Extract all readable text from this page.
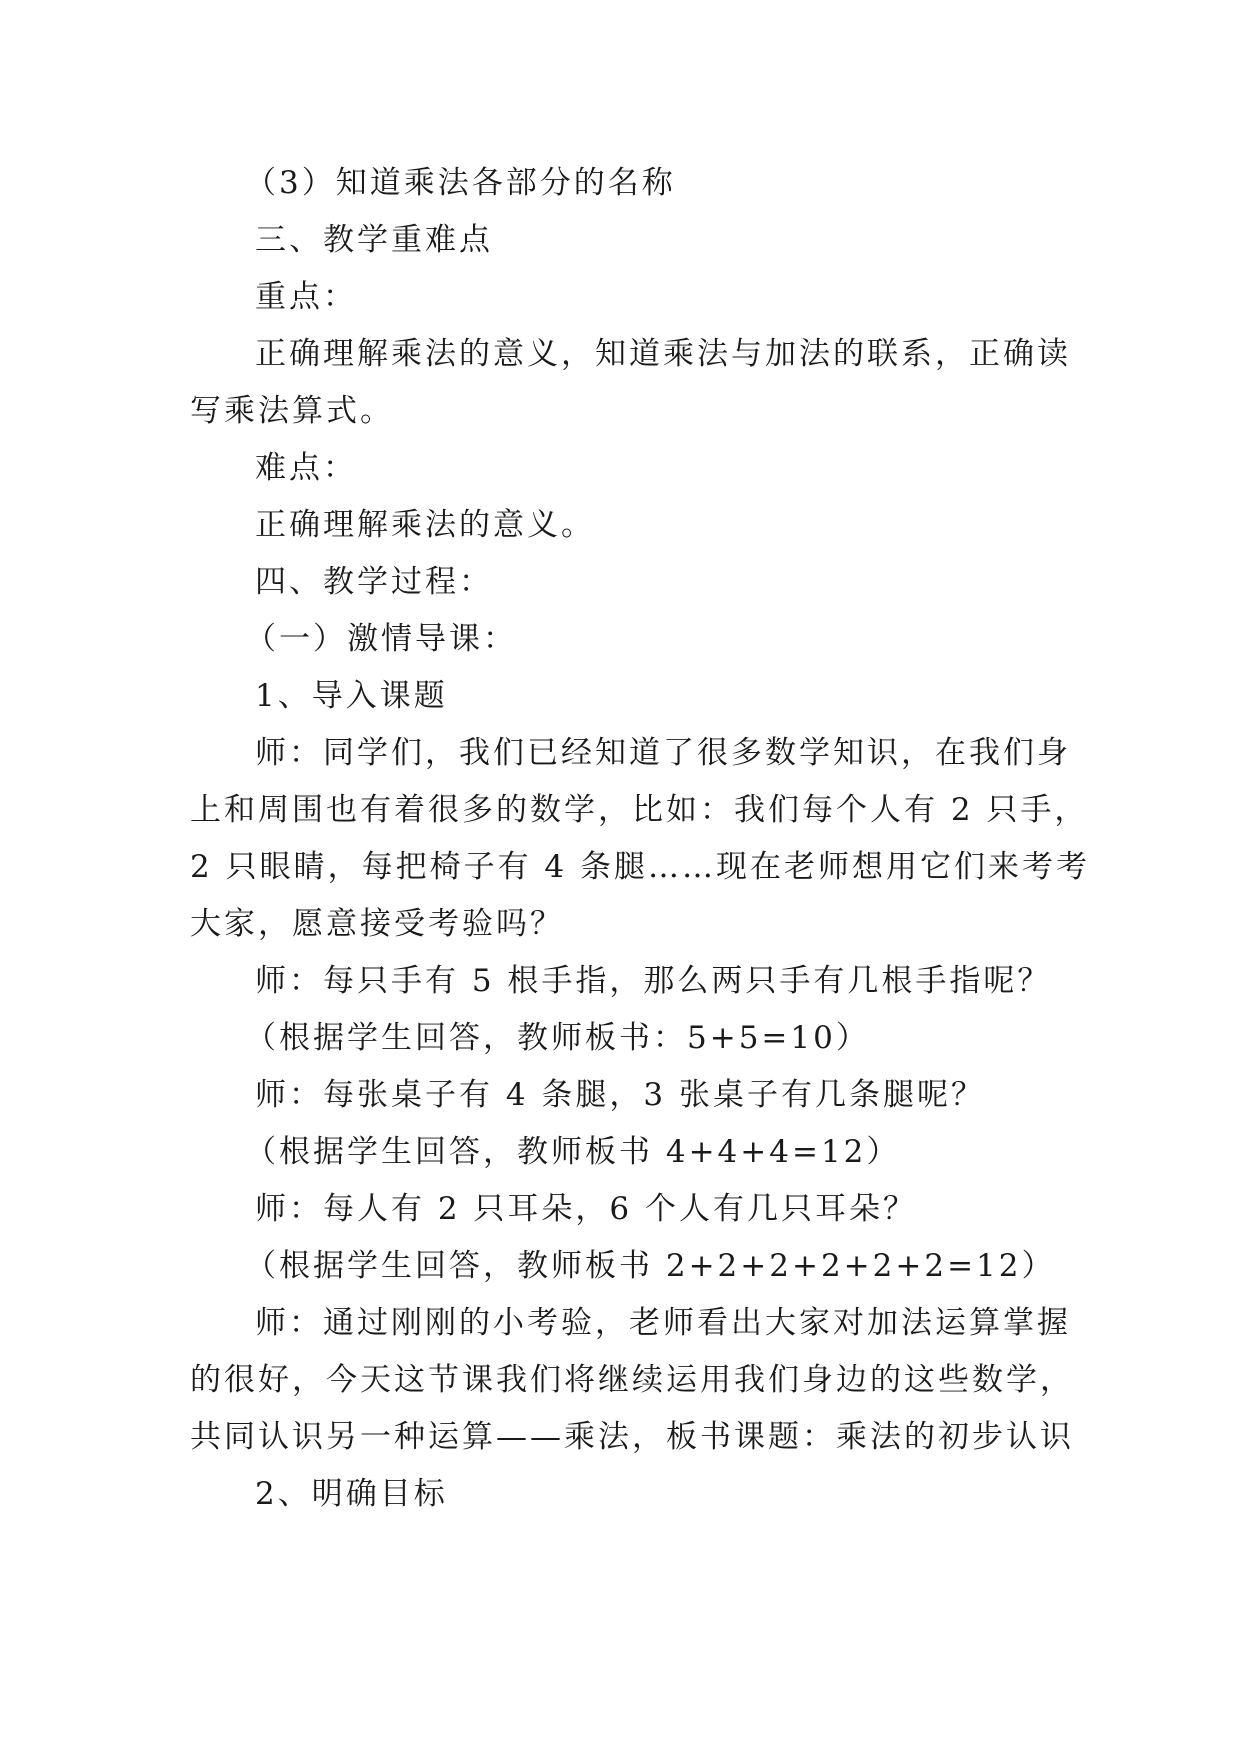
（3）知道乘法各部分的名称
三、教学重难点
重点：
正确理解乘法的意义，知道乘法与加法的联系，正确读
写乘法算式。
难点：
正确理解乘法的意义。
四、教学过程：
（一）激情导课：
1、导入课题
师：同学们，我们已经知道了很多数学知识，在我们身
上和周围也有着很多的数学，比如：我们每个人有 2 只手，
2 只眼睛，每把椅子有 4 条腿……现在老师想用它们来考考
大家，愿意接受考验吗？
师：每只手有 5 根手指，那么两只手有几根手指呢？
（根据学生回答，教师板书：5+5=10）
师：每张桌子有 4 条腿，3 张桌子有几条腿呢？
（根据学生回答，教师板书 4+4+4=12）
师：每人有 2 只耳朵，6 个人有几只耳朵？
（根据学生回答，教师板书 2+2+2+2+2+2=12）
师：通过刚刚的小考验，老师看出大家对加法运算掌握
的很好，今天这节课我们将继续运用我们身边的这些数学，
共同认识另一种运算——乘法，板书课题：乘法的初步认识
2、明确目标
